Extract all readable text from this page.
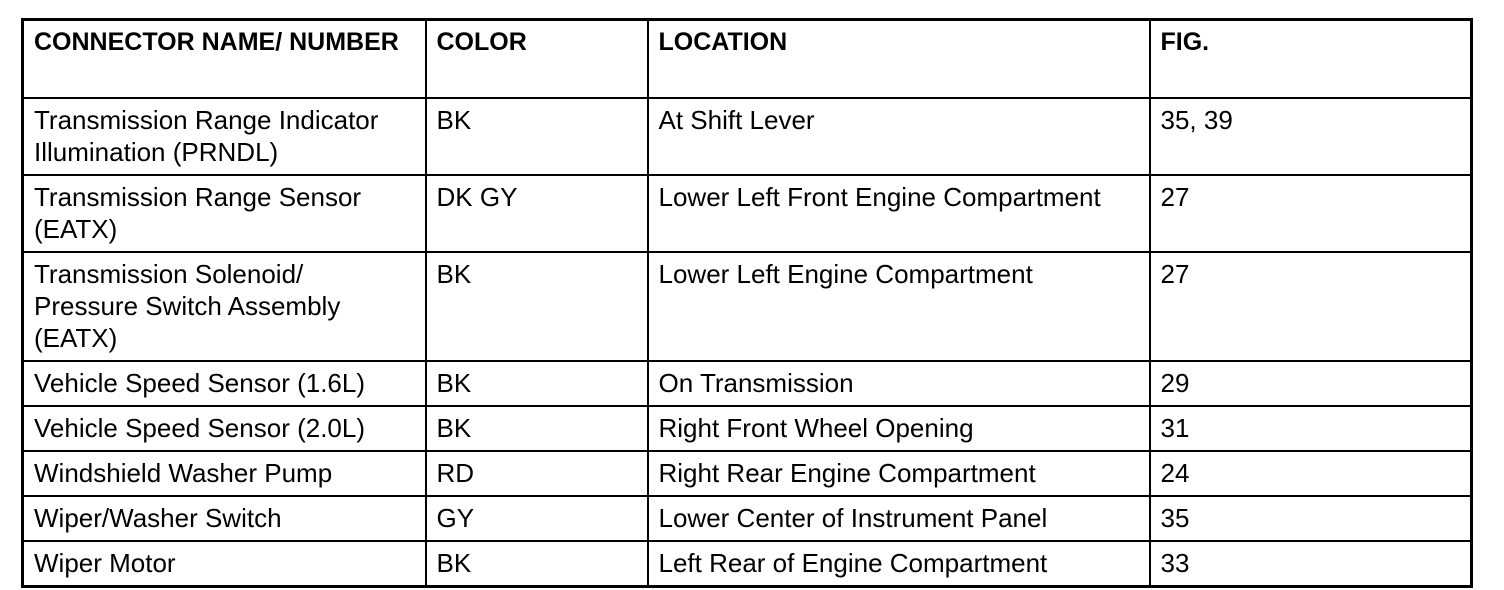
CONNECTOR NAME/ NUMBER	COLOR	LOCATION	FIG.
Transmission Range Indicator Illumination (PRNDL)	BK	At Shift Lever	35, 39
Transmission Range Sensor (EATX)	DK GY	Lower Left Front Engine Compartment	27
Transmission Solenoid/ Pressure Switch Assembly (EATX)	BK	Lower Left Engine Compartment	27
Vehicle Speed Sensor (1.6L)	BK	On Transmission	29
Vehicle Speed Sensor (2.0L)	BK	Right Front Wheel Opening	31
Windshield Washer Pump	RD	Right Rear Engine Compartment	24
Wiper/Washer Switch	GY	Lower Center of Instrument Panel	35
Wiper Motor	BK	Left Rear of Engine Compartment	33
